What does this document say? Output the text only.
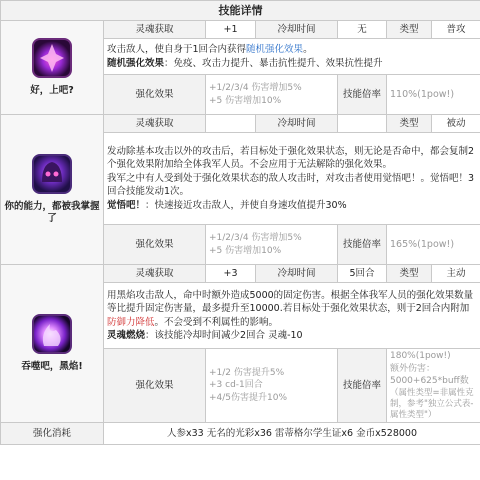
技能详情						

好，上吧?	灵魂获取	+1	冷却时间	无	类型	普攻
	攻击敌人，使自身于1回合内获得随机强化效果。
随机强化效果：免疫、攻击力提升、暴击抗性提升、效果抗性提升					
	强化效果	+1/2/3/4 伤害增加5%
+5 伤害增加10%		技能倍率	110%(1pow!)	

你的能力，都被我掌握了	灵魂获取		冷却时间		类型	被动
	发动除基本攻击以外的攻击后，若目标处于强化效果状态，则无论是否命中，都会复制2个强化效果附加给全体我军人员。不会应用于无法解除的强化效果。
我军之中有人受到处于强化效果状态的敌人攻击时，对攻击者使用觉悟吧！。觉悟吧！3回合技能发动1次。
觉悟吧！：快速接近攻击敌人，并使自身速攻值提升30%					
	强化效果	+1/2/3/4 伤害增加5%
+5 伤害增加10%		技能倍率	165%(1pow!)	

吞噬吧，黑焰!	灵魂获取	+3	冷却时间	5回合	类型	主动
	用黑焰攻击敌人，命中时额外造成5000的固定伤害。根据全体我军人员的强化效果数量等比提升固定伤害量，最多提升至10000.若目标处于强化效果状态，则于2回合内附加防御力降低。不会受到不利属性的影响。
灵魂燃烧：该技能冷却时间减少2回合 灵魂-10					
	强化效果	+1/2 伤害提升5%
+3 cd-1回合
+4/5伤害提升10%		技能倍率	180%(1pow!)
额外伤害：5000+625*buff数
（属性类型=非属性克制，参考"独立公式表-属性类型"）	

强化消耗	人参x33 无名的光彩x36 雷蒂格尔学生证x6 金币x528000					
